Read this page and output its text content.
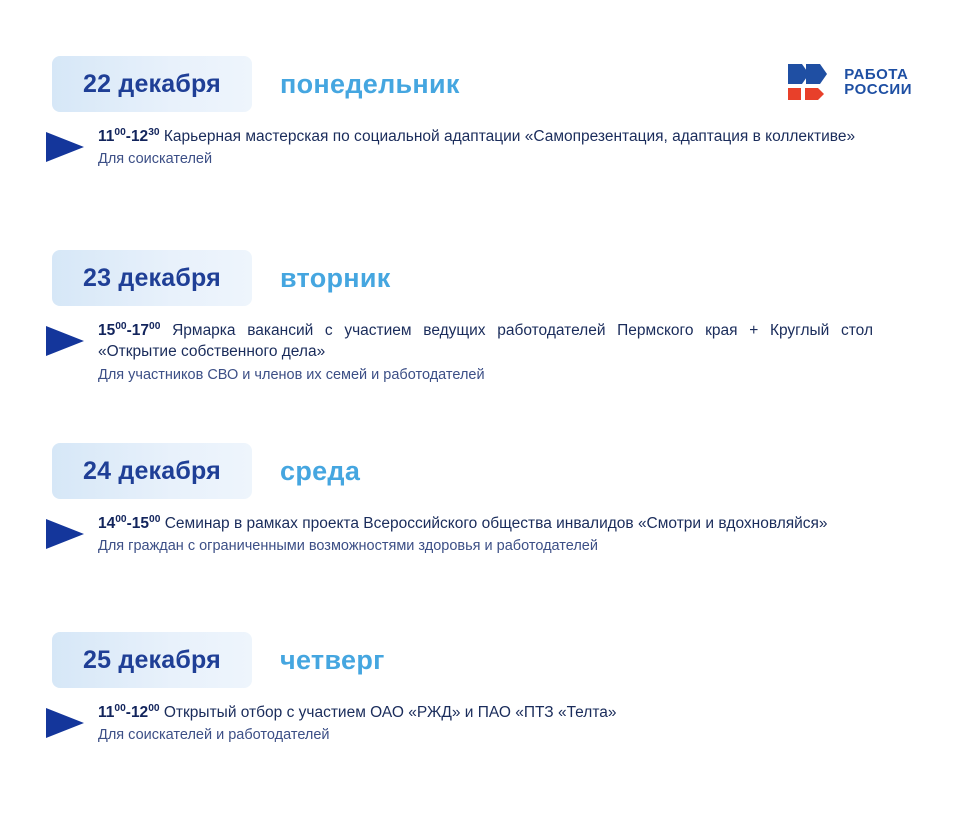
РАБОТА
РОССИИ
22 декабря	понедельник

$11^{00}-12^{30}$ Карьерная мастерская по социальной адаптации «Самопрезентация, адаптация в коллективе»

Для соискателей

23 декабря	вторник

$15^{00}-17^{00}$ Ярмарка вакансий с участием ведущих работодателей Пермского края + Круглый стол «Открытие собственного дела»

Для участников СВО и членов их семей и работодателей

24 декабря	среда

$14^{00}-15^{00}$ Семинар в рамках проекта Всероссийского общества инвалидов «Смотри и вдохновляйся»

Для граждан с ограниченными возможностями здоровья и работодателей

25 декабря	четверг

$11^{00}-12^{00}$ Открытый отбор с участием ОАО «РЖД» и ПАО «ПТЗ «Телта»

Для соискателей и работодателей
